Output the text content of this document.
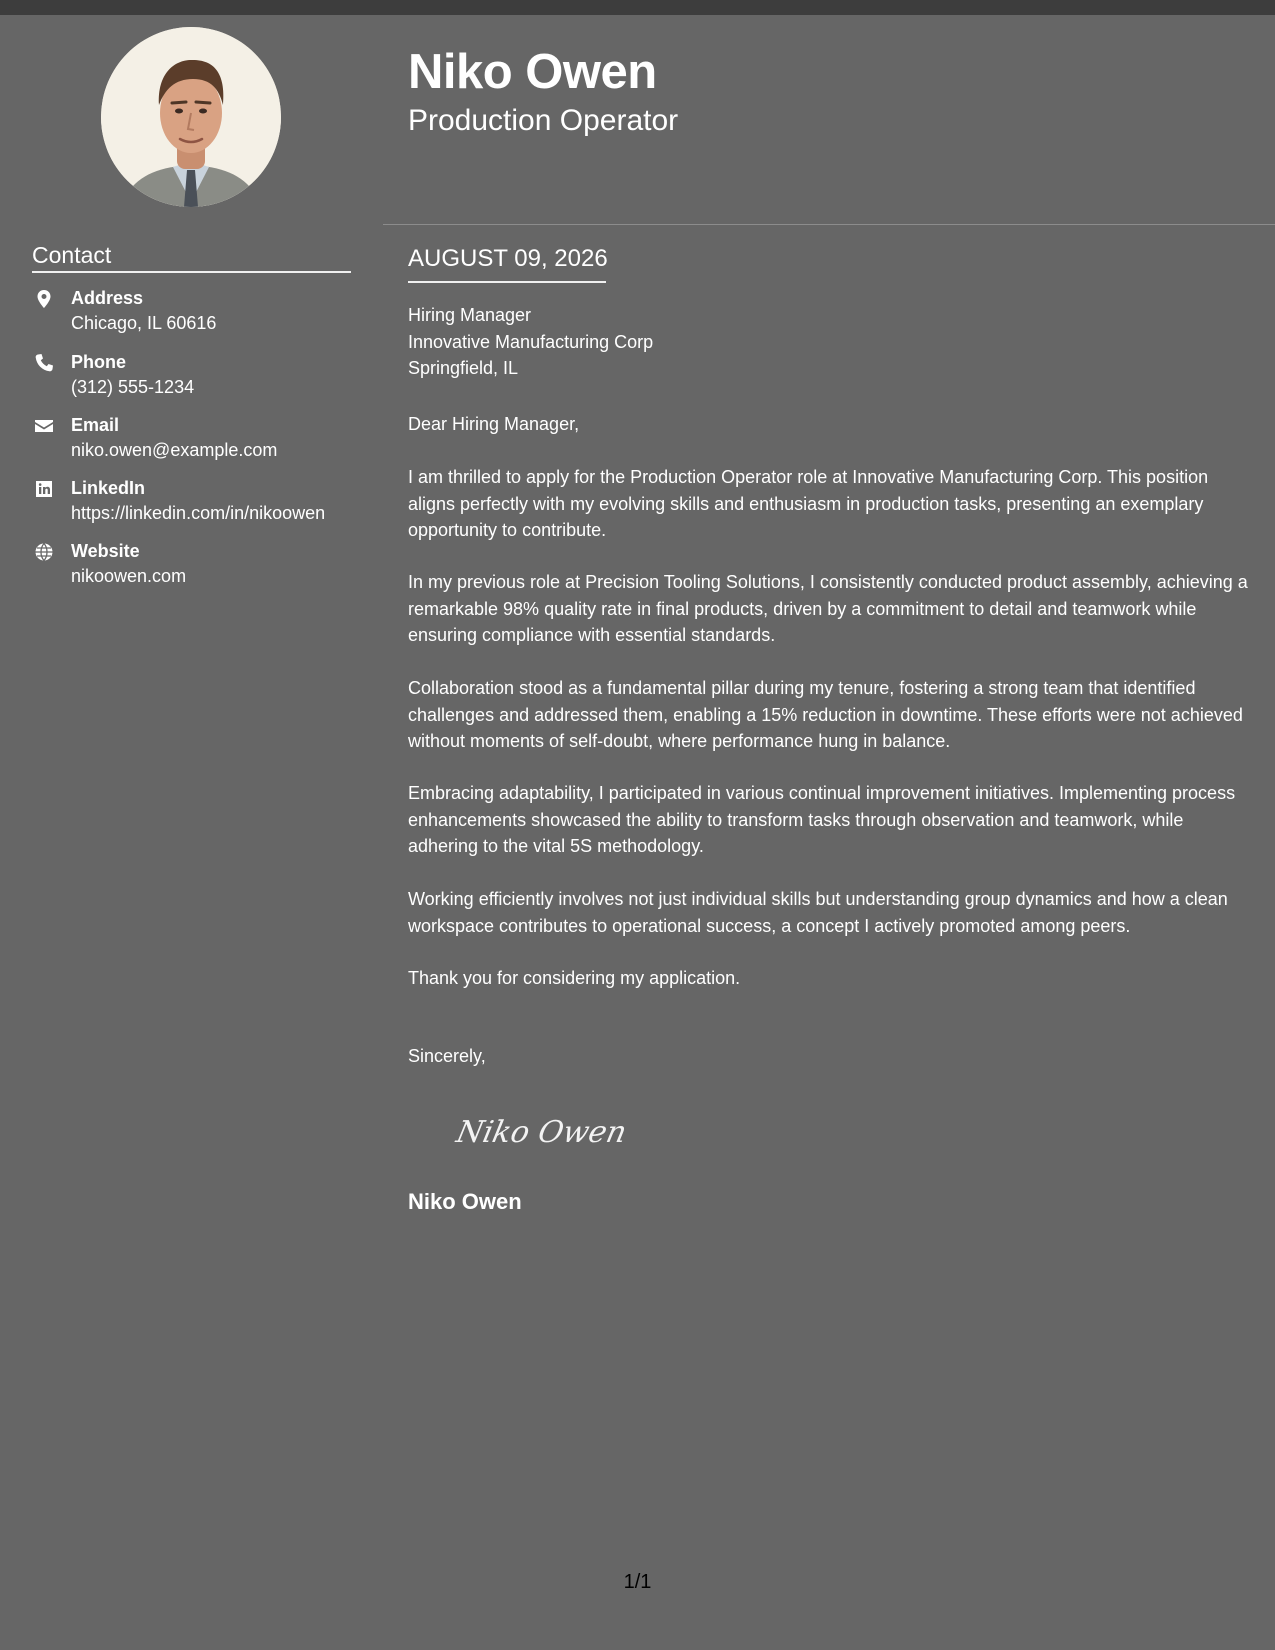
Niko Owen
Production Operator
Contact
Address
Chicago, IL 60616
Phone
(312) 555-1234
Email
niko.owen@example.com
LinkedIn
https://linkedin.com/in/nikoowen
Website
nikoowen.com
AUGUST 09, 2026
Hiring Manager
Innovative Manufacturing Corp
Springfield, IL
Dear Hiring Manager,
I am thrilled to apply for the Production Operator role at Innovative Manufacturing Corp. This position aligns perfectly with my evolving skills and enthusiasm in production tasks, presenting an exemplary opportunity to contribute.
In my previous role at Precision Tooling Solutions, I consistently conducted product assembly, achieving a remarkable 98% quality rate in final products, driven by a commitment to detail and teamwork while ensuring compliance with essential standards.
Collaboration stood as a fundamental pillar during my tenure, fostering a strong team that identified challenges and addressed them, enabling a 15% reduction in downtime. These efforts were not achieved without moments of self-doubt, where performance hung in balance.
Embracing adaptability, I participated in various continual improvement initiatives. Implementing process enhancements showcased the ability to transform tasks through observation and teamwork, while adhering to the vital 5S methodology.
Working efficiently involves not just individual skills but understanding group dynamics and how a clean workspace contributes to operational success, a concept I actively promoted among peers.
Thank you for considering my application.
Sincerely,
Niko Owen
Niko Owen
1/1
